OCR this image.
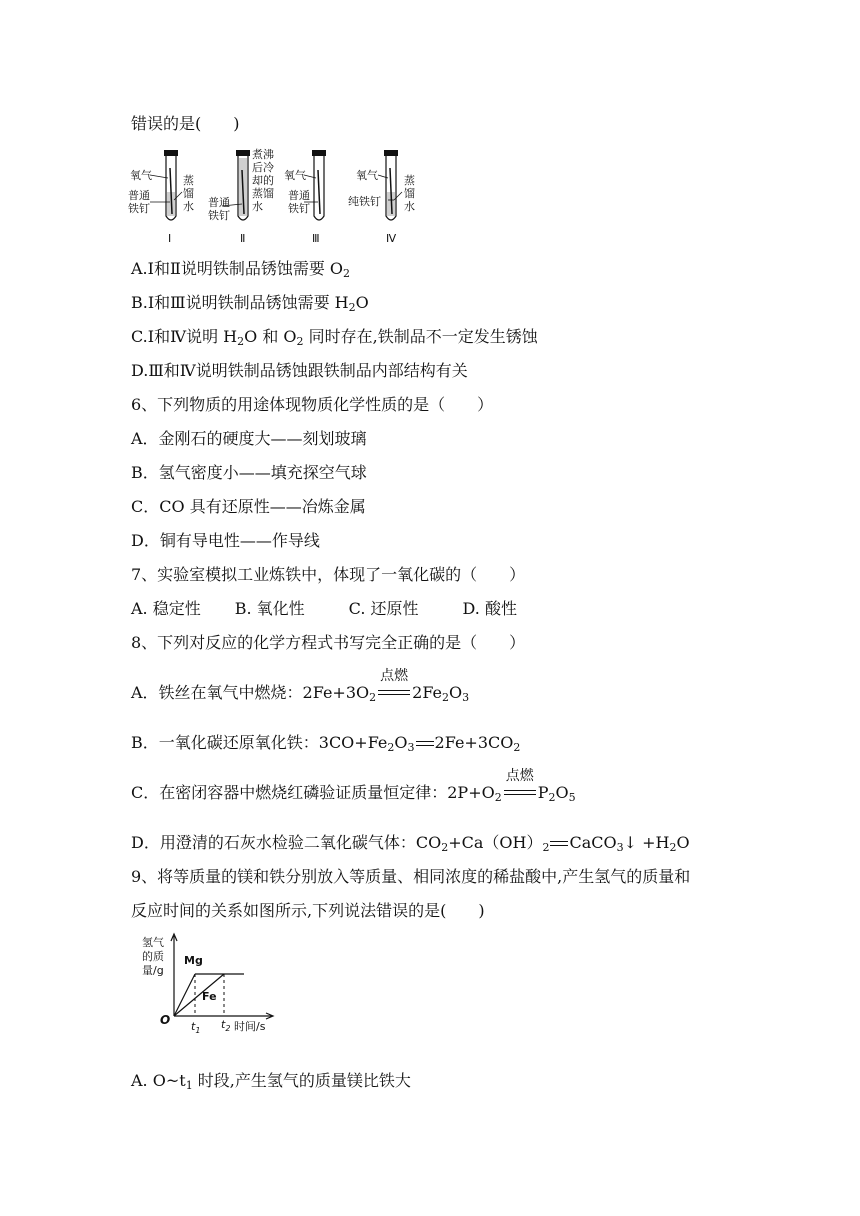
错误的是(　　)
氧气
普通
铁钉
蒸
馏
水
Ⅰ
普通
铁钉
煮沸
后冷
却的
蒸馏
水
Ⅱ
氧气
普通
铁钉
Ⅲ
氧气
纯铁钉
蒸
馏
水
Ⅳ
A.Ⅰ和Ⅱ说明铁制品锈蚀需要 $O_2$
B.Ⅰ和Ⅲ说明铁制品锈蚀需要 $H_2O$
C.Ⅰ和Ⅳ说明 $H_2O$ 和 $O_2$ 同时存在,铁制品不一定发生锈蚀
D.Ⅲ和Ⅳ说明铁制品锈蚀跟铁制品内部结构有关
6、下列物质的用途体现物质化学性质的是（　　）
A．金刚石的硬度大——刻划玻璃
B．氢气密度小——填充探空气球
C．CO 具有还原性——冶炼金属
D．铜有导电性——作导线
7、实验室模拟工业炼铁中，体现了一氧化碳的（　　）
A. 稳定性 B. 氧化性	C. 还原性	D. 酸性
8、下列对反应的化学方程式书写完全正确的是（　　）
A．铁丝在氧气中燃烧：$2Fe+3O_2$
点燃
$2Fe_2O_3$
B．一氧化碳还原氧化铁：$3CO+Fe_2O_3$ $2Fe+3CO_2$
C．在密闭容器中燃烧红磷验证质量恒定律：$2P+O_2$
点燃
$P_2O_5$
D．用澄清的石灰水检验二氧化碳气体：$CO_2+Ca(OH)_2$ CaCO$_3$↓ $+H_2O$
9、将等质量的镁和铁分别放入等质量、相同浓度的稀盐酸中,产生氢气的质量和
反应时间的关系如图所示,下列说法错误的是(　　)
氢气
的质
量/g
Mg
Fe
O $t_1$ $t_2$ 时间/s
A. $O\sim t_1$ 时段,产生氢气的质量镁比铁大
